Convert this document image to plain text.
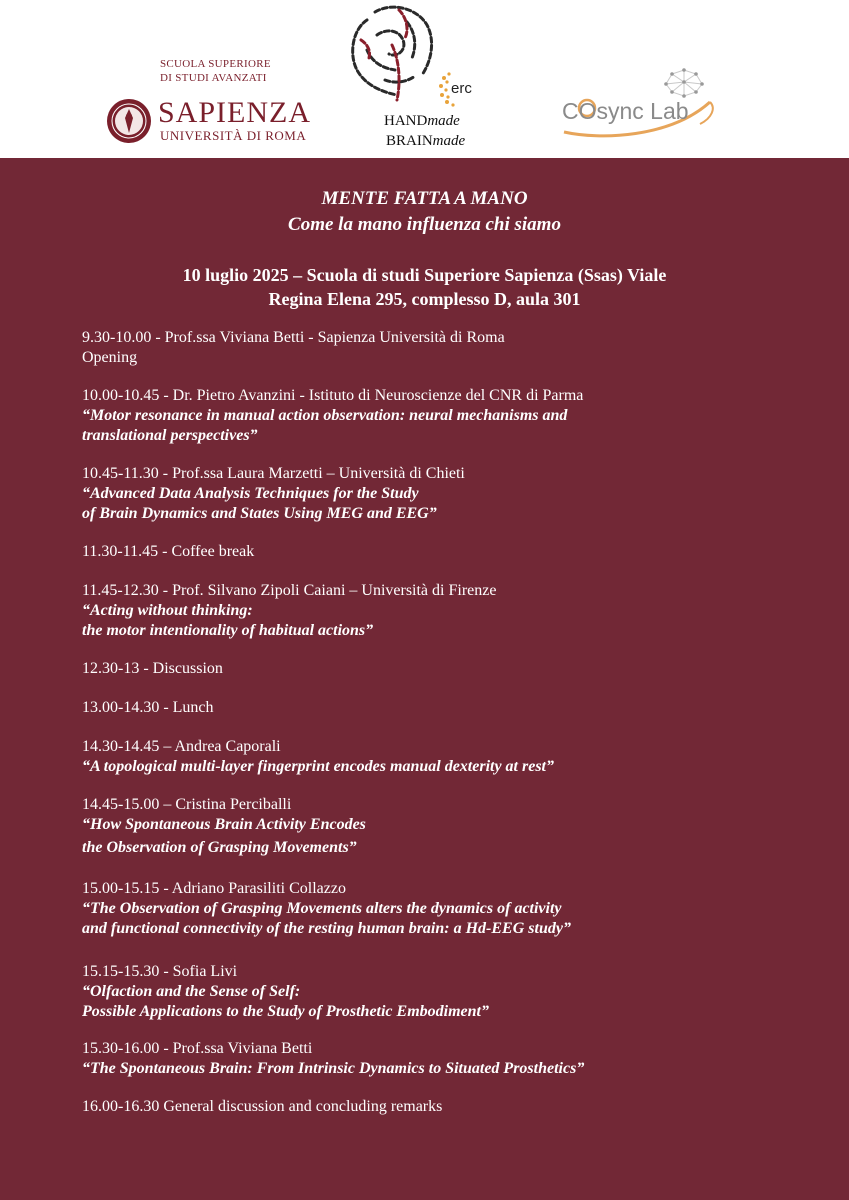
SCUOLA SUPERIORE
DI STUDI AVANZATI
SAPIENZA
UNIVERSITÀ DI ROMA
erc
HANDmade
BRAINmade
COsync Lab
MENTE FATTA A MANO
Come la mano influenza chi siamo
10 luglio 2025 – Scuola di studi Superiore Sapienza (Ssas) Viale
Regina Elena 295, complesso D, aula 301
9.30-10.00 - Prof.ssa Viviana Betti - Sapienza Università di Roma
Opening
10.00-10.45 - Dr. Pietro Avanzini - Istituto di Neuroscienze del CNR di Parma
“Motor resonance in manual action observation: neural mechanisms and
translational perspectives”
10.45-11.30 - Prof.ssa Laura Marzetti – Università di Chieti
“Advanced Data Analysis Techniques for the Study
of Brain Dynamics and States Using MEG and EEG”
11.30-11.45 - Coffee break
11.45-12.30 - Prof. Silvano Zipoli Caiani – Università di Firenze
“Acting without thinking:
the motor intentionality of habitual actions”
12.30-13 - Discussion
13.00-14.30 - Lunch
14.30-14.45 – Andrea Caporali
“A topological multi-layer fingerprint encodes manual dexterity at rest”
14.45-15.00 – Cristina Perciballi
“How Spontaneous Brain Activity Encodes
the Observation of Grasping Movements”
15.00-15.15 - Adriano Parasiliti Collazzo
“The Observation of Grasping Movements alters the dynamics of activity
and functional connectivity of the resting human brain: a Hd-EEG study”
15.15-15.30 - Sofia Livi
“Olfaction and the Sense of Self:
Possible Applications to the Study of Prosthetic Embodiment”
15.30-16.00 - Prof.ssa Viviana Betti
“The Spontaneous Brain: From Intrinsic Dynamics to Situated Prosthetics”
16.00-16.30 General discussion and concluding remarks
